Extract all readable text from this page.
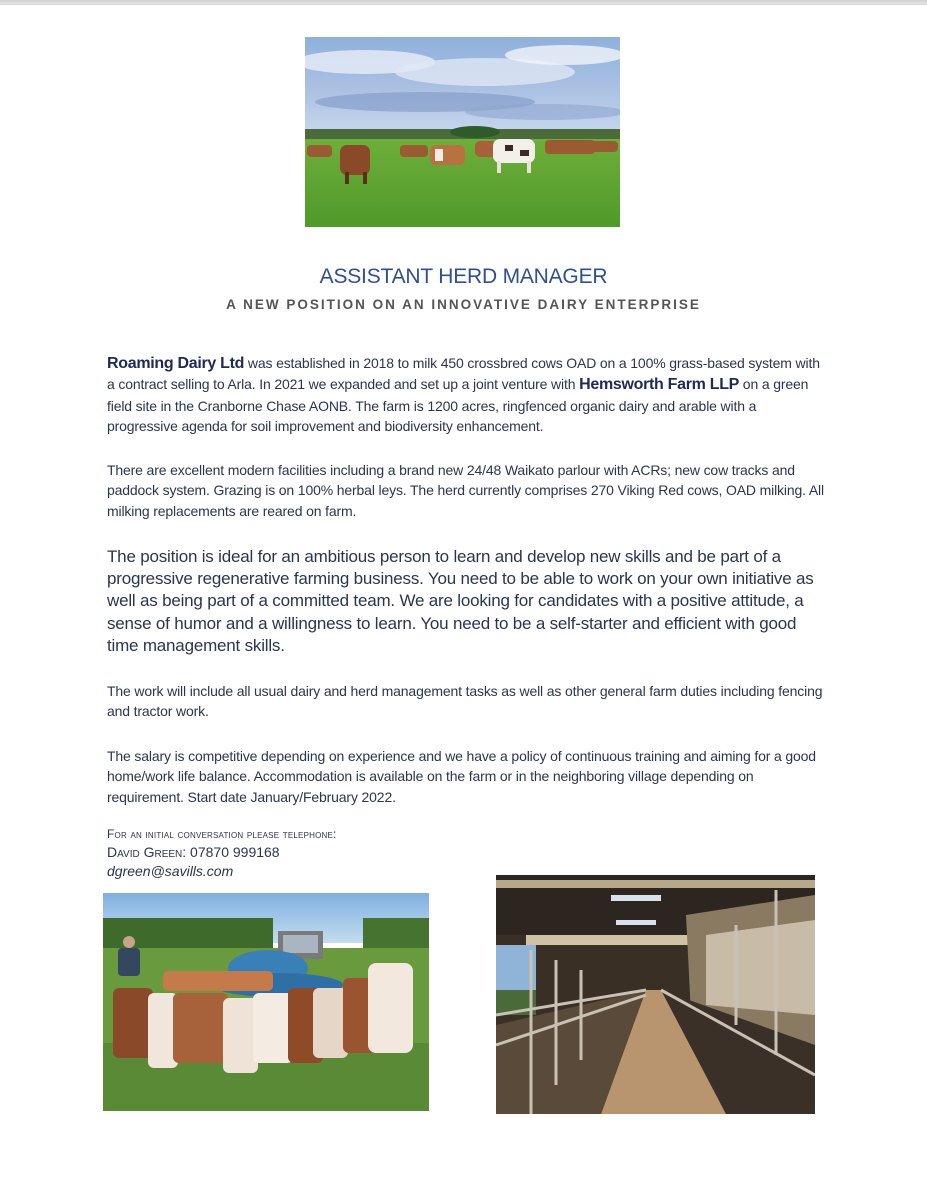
ASSISTANT HERD MANAGER
A NEW POSITION ON AN INNOVATIVE DAIRY ENTERPRISE
Roaming Dairy Ltd was established in 2018 to milk 450 crossbred cows OAD on a 100% grass-based system with a contract selling to Arla. In 2021 we expanded and set up a joint venture with Hemsworth Farm LLP on a green field site in the Cranborne Chase AONB. The farm is 1200 acres, ringfenced organic dairy and arable with a progressive agenda for soil improvement and biodiversity enhancement.
There are excellent modern facilities including a brand new 24/48 Waikato parlour with ACRs; new cow tracks and paddock system. Grazing is on 100% herbal leys. The herd currently comprises 270 Viking Red cows, OAD milking. All milking replacements are reared on farm.
The position is ideal for an ambitious person to learn and develop new skills and be part of a progressive regenerative farming business. You need to be able to work on your own initiative as well as being part of a committed team. We are looking for candidates with a positive attitude, a sense of humor and a willingness to learn. You need to be a self-starter and efficient with good time management skills.
The work will include all usual dairy and herd management tasks as well as other general farm duties including fencing and tractor work.
The salary is competitive depending on experience and we have a policy of continuous training and aiming for a good home/work life balance. Accommodation is available on the farm or in the neighboring village depending on requirement. Start date January/February 2022.
For an initial conversation please telephone:
David Green: 07870 999168
dgreen@savills.com
